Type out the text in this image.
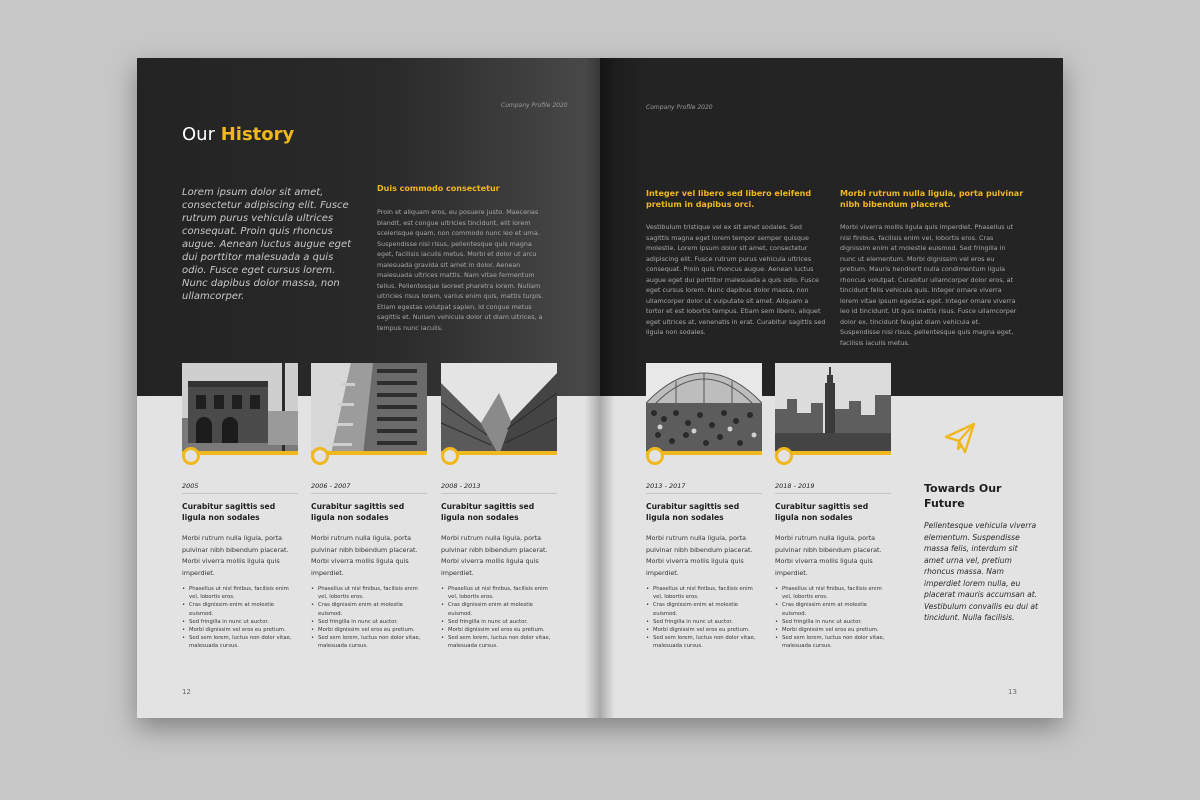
Company Profile 2020
Our History
Lorem ipsum dolor sit amet, consectetur adipiscing elit. Fusce rutrum purus vehicula ultrices consequat. Proin quis rhoncus augue. Aenean luctus augue eget dui porttitor malesuada a quis odio. Fusce eget cursus lorem. Nunc dapibus dolor massa, non ullamcorper.
Duis commodo consectetur
Proin et aliquam eros, eu posuere justo. Maecenas blandit, est congue ultricies tincidunt, elit lorem scelerisque quam, non commodo nunc leo et urna. Suspendisse nisi risus, pellentesque quis magna eget, facilisis iaculis metus. Morbi et dolor ut arcu malesuada gravida sit amet in dolor. Aenean malesuada ultrices mattis. Nam vitae fermentum tellus. Pellentesque laoreet pharetra lorem. Nullam ultricies risus lorem, varius enim quis, mattis turpis. Etiam egestas volutpat sapien, id congue metus sagittis et. Nullam vehicula dolor ut diam ultrices, a tempus nunc iaculis.
2005
Curabitur sagittis sed ligula non sodales
Morbi rutrum nulla ligula, porta pulvinar nibh bibendum placerat. Morbi viverra mollis ligula quis imperdiet.
• Phasellus ut nisl finibus, facilisis enim vel, lobortis eros.
• Cras dignissim enim at molestie euismod.
• Sed fringilla in nunc ut auctor.
• Morbi dignissim vel eros eu pretium.
• Sed sem lorem, luctus non dolor vitae, malesuada cursus.
2006 - 2007
Curabitur sagittis sed ligula non sodales
Morbi rutrum nulla ligula, porta pulvinar nibh bibendum placerat. Morbi viverra mollis ligula quis imperdiet.
• Phasellus ut nisl finibus, facilisis enim vel, lobortis eros.
• Cras dignissim enim at molestie euismod.
• Sed fringilla in nunc ut auctor.
• Morbi dignissim vel eros eu pretium.
• Sed sem lorem, luctus non dolor vitae, malesuada cursus.
2008 - 2013
Curabitur sagittis sed ligula non sodales
Morbi rutrum nulla ligula, porta pulvinar nibh bibendum placerat. Morbi viverra mollis ligula quis imperdiet.
• Phasellus ut nisl finibus, facilisis enim vel, lobortis eros.
• Cras dignissim enim at molestie euismod.
• Sed fringilla in nunc ut auctor.
• Morbi dignissim vel eros eu pretium.
• Sed sem lorem, luctus non dolor vitae, malesuada cursus.
12
Company Profile 2020
Integer vel libero sed libero eleifend pretium in dapibus orci.
Vestibulum tristique vel ex sit amet sodales. Sed sagittis magna eget lorem tempor semper quisque molestie. Lorem ipsum dolor sit amet, consectetur adipiscing elit. Fusce rutrum purus vehicula ultrices consequat. Proin quis rhoncus augue. Aenean luctus augue eget dui porttitor malesuada a quis odio. Fusce eget cursus lorem. Nunc dapibus dolor massa, non ullamcorper dolor ut vulputate sit amet. Aliquam a tortor et est lobortis tempus. Etiam sem libero, aliquet eget ultrices at, venenatis in erat. Curabitur sagittis sed ligula non sodales.
Morbi rutrum nulla ligula, porta pulvinar nibh bibendum placerat.
Morbi viverra mollis ligula quis imperdiet. Phasellus ut nisl finibus, facilisis enim vel, lobortis eros. Cras dignissim enim at molestie euismod. Sed fringilla in nunc ut elementum. Morbi dignissim vel eros eu pretium. Mauris hendrerit nulla condimentum ligula rhoncus volutpat. Curabitur ullamcorper dolor eros, at tincidunt felis vehicula quis. Integer ornare viverra lorem vitae ipsum egestas eget. Integer ornare viverra leo id tincidunt. Ut quis mattis risus. Fusce ullamcorper dolor ex, tincidunt feugiat diam vehicula et. Suspendisse nisi risus, pellentesque quis magna eget, facilisis iaculis metus.
2013 - 2017
Curabitur sagittis sed ligula non sodales
Morbi rutrum nulla ligula, porta pulvinar nibh bibendum placerat. Morbi viverra mollis ligula quis imperdiet.
• Phasellus ut nisl finibus, facilisis enim vel, lobortis eros.
• Cras dignissim enim at molestie euismod.
• Sed fringilla in nunc ut auctor.
• Morbi dignissim vel eros eu pretium.
• Sed sem lorem, luctus non dolor vitae, malesuada cursus.
2018 - 2019
Curabitur sagittis sed ligula non sodales
Morbi rutrum nulla ligula, porta pulvinar nibh bibendum placerat. Morbi viverra mollis ligula quis imperdiet.
• Phasellus ut nisl finibus, facilisis enim vel, lobortis eros.
• Cras dignissim enim at molestie euismod.
• Sed fringilla in nunc ut auctor.
• Morbi dignissim vel eros eu pretium.
• Sed sem lorem, luctus non dolor vitae, malesuada cursus.
Towards Our Future
Pellentesque vehicula viverra elementum. Suspendisse massa felis, interdum sit amet urna vel, pretium rhoncus massa. Nam imperdiet lorem nulla, eu placerat mauris accumsan at. Vestibulum convallis eu dui at tincidunt. Nulla facilisis.
13
